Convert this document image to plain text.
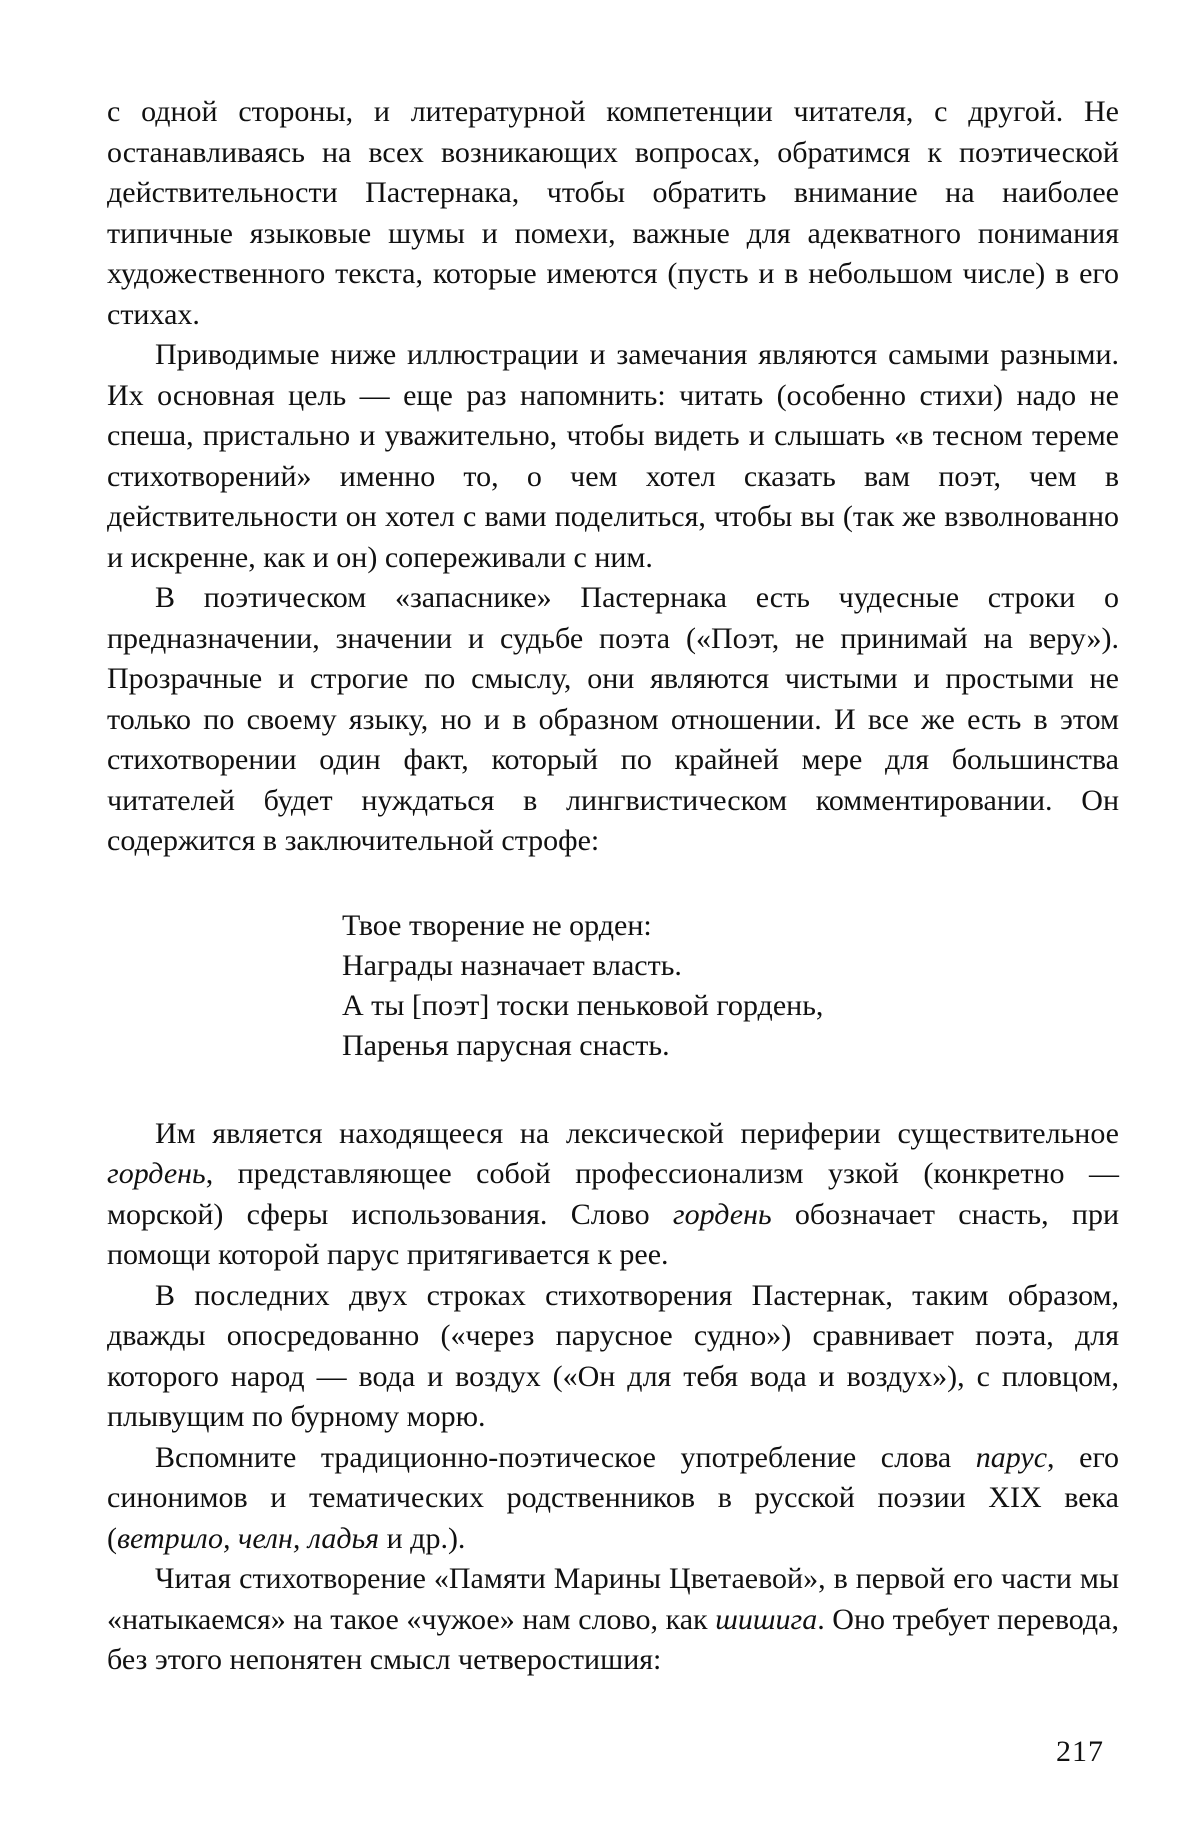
с одной стороны, и литературной компетенции читателя, с другой. Не останавливаясь на всех возникающих вопросах, обратимся к поэтической действительности Пастернака, чтобы обратить внимание на наиболее типичные языковые шумы и помехи, важные для адекватного понимания художественного текста, которые имеются (пусть и в небольшом числе) в его стихах.

Приводимые ниже иллюстрации и замечания являются самыми разными. Их основная цель — еще раз напомнить: читать (особенно стихи) надо не спеша, пристально и уважительно, чтобы видеть и слышать «в тесном тереме стихотворений» именно то, о чем хотел сказать вам поэт, чем в действительности он хотел с вами поделиться, чтобы вы (так же взволнованно и искренне, как и он) сопереживали с ним.

В поэтическом «запаснике» Пастернака есть чудесные строки о предназначении, значении и судьбе поэта («Поэт, не принимай на веру»). Прозрачные и строгие по смыслу, они являются чистыми и простыми не только по своему языку, но и в образном отношении. И все же есть в этом стихотворении один факт, который по крайней мере для большинства читателей будет нуждаться в лингвистическом комментировании. Он содержится в заключительной строфе:

Твое творение не орден:
Награды назначает власть.
А ты [поэт] тоски пеньковой гордень,
Паренья парусная снасть.

Им является находящееся на лексической периферии существительное гордень, представляющее собой профессионализм узкой (конкретно — морской) сферы использования. Слово гордень обозначает снасть, при помощи которой парус притягивается к рее.

В последних двух строках стихотворения Пастернак, таким образом, дважды опосредованно («через парусное судно») сравнивает поэта, для которого народ — вода и воздух («Он для тебя вода и воздух»), с пловцом, плывущим по бурному морю.

Вспомните традиционно-поэтическое употребление слова парус, его синонимов и тематических родственников в русской поэзии XIX века (ветрило, челн, ладья и др.).

Читая стихотворение «Памяти Марины Цветаевой», в первой его части мы «натыкаемся» на такое «чужое» нам слово, как шишига. Оно требует перевода, без этого непонятен смысл четверостишия:

217
